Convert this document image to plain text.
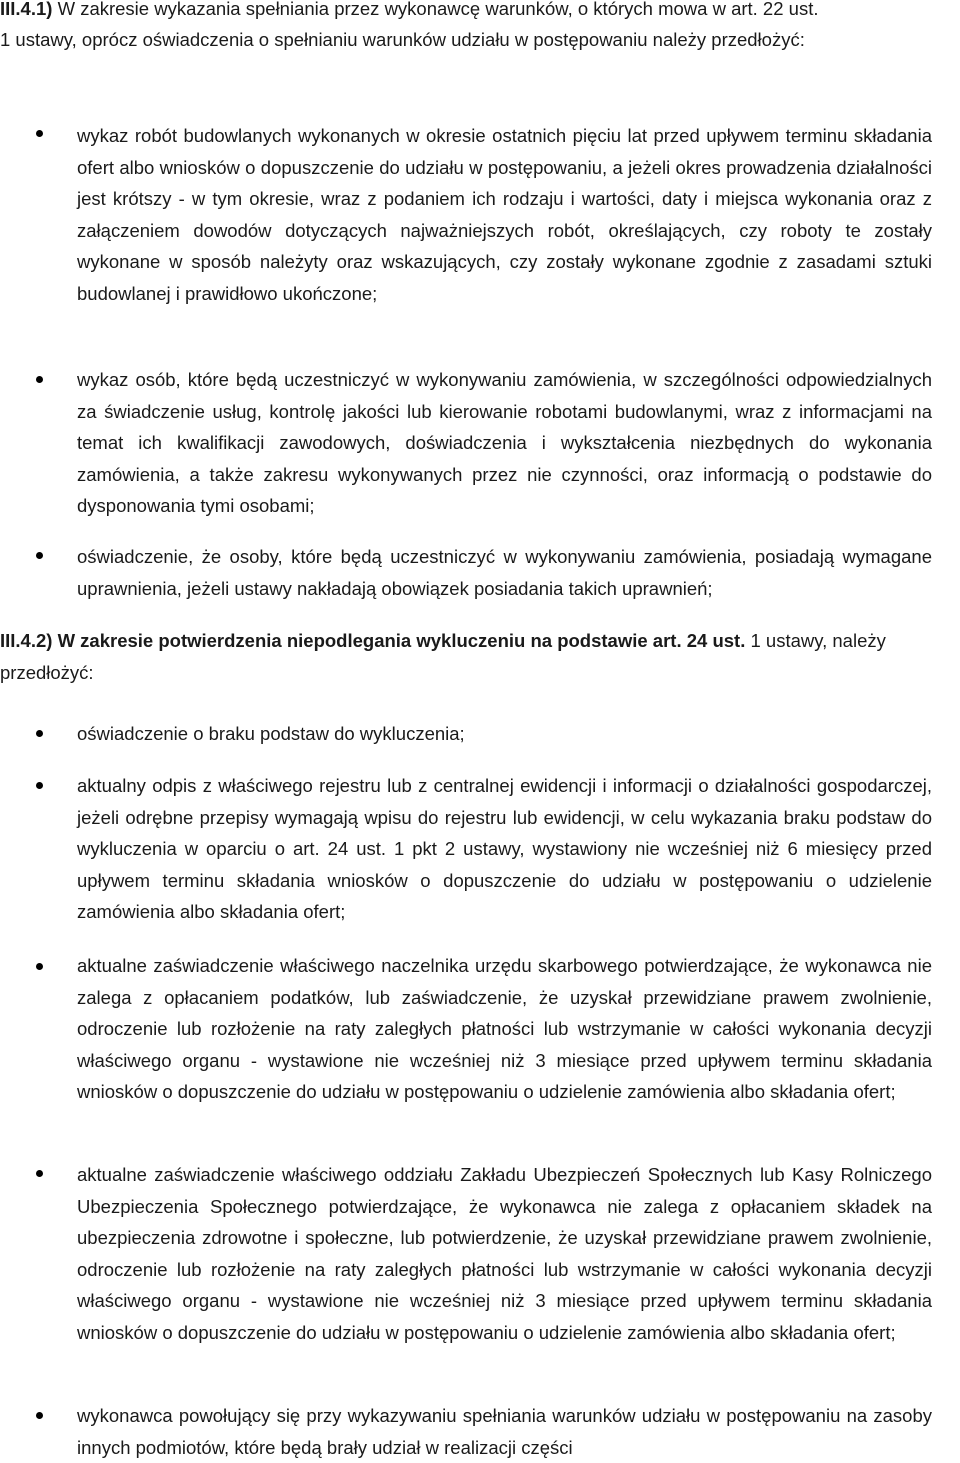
III.4.1) W zakresie wykazania spełniania przez wykonawcę warunków, o których mowa w art. 22 ust.
1 ustawy, oprócz oświadczenia o spełnianiu warunków udziału w postępowaniu należy przedłożyć:
wykaz robót budowlanych wykonanych w okresie ostatnich pięciu lat przed upływem terminu składania ofert albo wniosków o dopuszczenie do udziału w postępowaniu, a jeżeli okres prowadzenia działalności jest krótszy - w tym okresie, wraz z podaniem ich rodzaju i wartości, daty i miejsca wykonania oraz z załączeniem dowodów dotyczących najważniejszych robót, określających, czy roboty te zostały wykonane w sposób należyty oraz wskazujących, czy zostały wykonane zgodnie z zasadami sztuki budowlanej i prawidłowo ukończone;
wykaz osób, które będą uczestniczyć w wykonywaniu zamówienia, w szczególności odpowiedzialnych za świadczenie usług, kontrolę jakości lub kierowanie robotami budowlanymi, wraz z informacjami na temat ich kwalifikacji zawodowych, doświadczenia i wykształcenia niezbędnych do wykonania zamówienia, a także zakresu wykonywanych przez nie czynności, oraz informacją o podstawie do dysponowania tymi osobami;
oświadczenie, że osoby, które będą uczestniczyć w wykonywaniu zamówienia, posiadają wymagane uprawnienia, jeżeli ustawy nakładają obowiązek posiadania takich uprawnień;
III.4.2) W zakresie potwierdzenia niepodlegania wykluczeniu na podstawie art. 24 ust. 1 ustawy, należy przedłożyć:
oświadczenie o braku podstaw do wykluczenia;
aktualny odpis z właściwego rejestru lub z centralnej ewidencji i informacji o działalności gospodarczej, jeżeli odrębne przepisy wymagają wpisu do rejestru lub ewidencji, w celu wykazania braku podstaw do wykluczenia w oparciu o art. 24 ust. 1 pkt 2 ustawy, wystawiony nie wcześniej niż 6 miesięcy przed upływem terminu składania wniosków o dopuszczenie do udziału w postępowaniu o udzielenie zamówienia albo składania ofert;
aktualne zaświadczenie właściwego naczelnika urzędu skarbowego potwierdzające, że wykonawca nie zalega z opłacaniem podatków, lub zaświadczenie, że uzyskał przewidziane prawem zwolnienie, odroczenie lub rozłożenie na raty zaległych płatności lub wstrzymanie w całości wykonania decyzji właściwego organu - wystawione nie wcześniej niż 3 miesiące przed upływem terminu składania wniosków o dopuszczenie do udziału w postępowaniu o udzielenie zamówienia albo składania ofert;
aktualne zaświadczenie właściwego oddziału Zakładu Ubezpieczeń Społecznych lub Kasy Rolniczego Ubezpieczenia Społecznego potwierdzające, że wykonawca nie zalega z opłacaniem składek na ubezpieczenia zdrowotne i społeczne, lub potwierdzenie, że uzyskał przewidziane prawem zwolnienie, odroczenie lub rozłożenie na raty zaległych płatności lub wstrzymanie w całości wykonania decyzji właściwego organu - wystawione nie wcześniej niż 3 miesiące przed upływem terminu składania wniosków o dopuszczenie do udziału w postępowaniu o udzielenie zamówienia albo składania ofert;
wykonawca powołujący się przy wykazywaniu spełniania warunków udziału w postępowaniu na zasoby innych podmiotów, które będą brały udział w realizacji części
